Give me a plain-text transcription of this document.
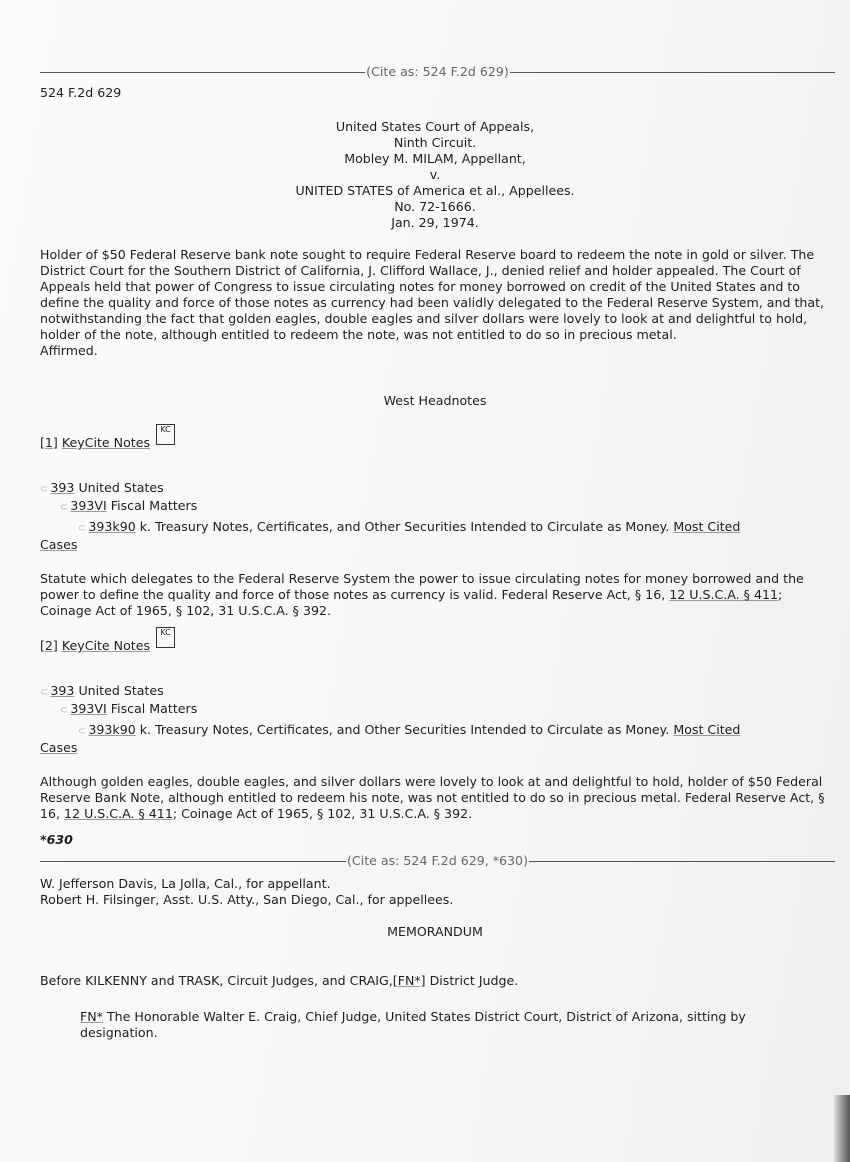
(Cite as: 524 F.2d 629)
524 F.2d 629
United States Court of Appeals,
Ninth Circuit.
Mobley M. MILAM, Appellant,
v.
UNITED STATES of America et al., Appellees.
No. 72-1666.
Jan. 29, 1974.
Holder of $50 Federal Reserve bank note sought to require Federal Reserve board to redeem the note in gold or silver. The District Court for the Southern District of California, J. Clifford Wallace, J., denied relief and holder appealed. The Court of Appeals held that power of Congress to issue circulating notes for money borrowed on credit of the United States and to define the quality and force of those notes as currency had been validly delegated to the Federal Reserve System, and that, notwithstanding the fact that golden eagles, double eagles and silver dollars were lovely to look at and delightful to hold, holder of the note, although entitled to redeem the note, was not entitled to do so in precious metal.
Affirmed.
West Headnotes
[1] KeyCite NotesKC
⊂ 393 United States
⊂ 393VI Fiscal Matters
⊂ 393k90 k. Treasury Notes, Certificates, and Other Securities Intended to Circulate as Money. Most Cited
Cases
Statute which delegates to the Federal Reserve System the power to issue circulating notes for money borrowed and the power to define the quality and force of those notes as currency is valid. Federal Reserve Act, § 16, 12 U.S.C.A. § 411; Coinage Act of 1965, § 102, 31 U.S.C.A. § 392.
[2] KeyCite NotesKC
⊂ 393 United States
⊂ 393VI Fiscal Matters
⊂ 393k90 k. Treasury Notes, Certificates, and Other Securities Intended to Circulate as Money. Most Cited
Cases
Although golden eagles, double eagles, and silver dollars were lovely to look at and delightful to hold, holder of $50 Federal Reserve Bank Note, although entitled to redeem his note, was not entitled to do so in precious metal. Federal Reserve Act, § 16, 12 U.S.C.A. § 411; Coinage Act of 1965, § 102, 31 U.S.C.A. § 392.
*630
(Cite as: 524 F.2d 629, *630)
W. Jefferson Davis, La Jolla, Cal., for appellant.
Robert H. Filsinger, Asst. U.S. Atty., San Diego, Cal., for appellees.
MEMORANDUM
Before KILKENNY and TRASK, Circuit Judges, and CRAIG,[FN*] District Judge.
FN* The Honorable Walter E. Craig, Chief Judge, United States District Court, District of Arizona, sitting by designation.
